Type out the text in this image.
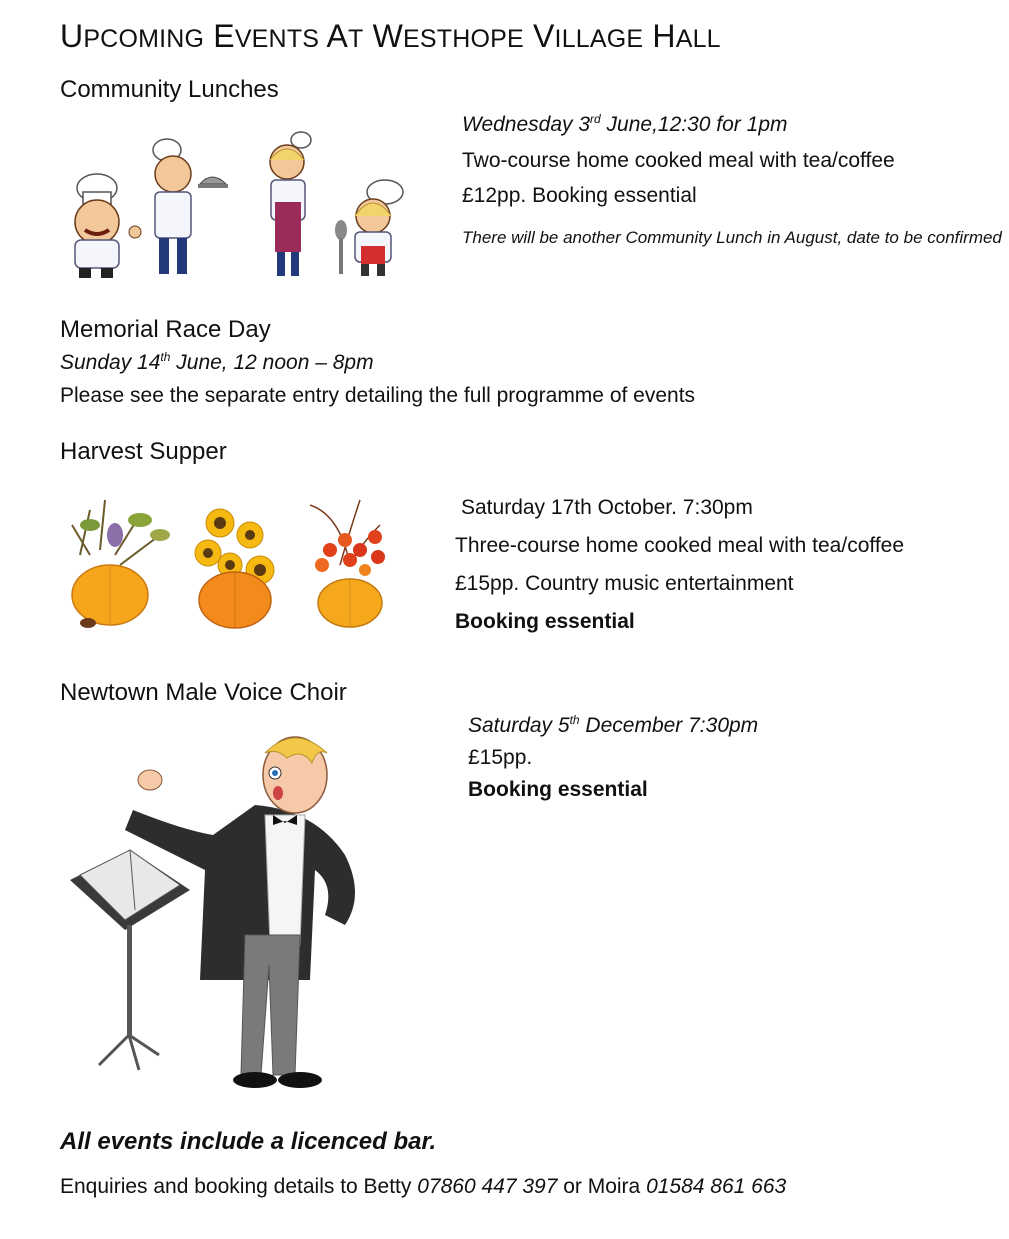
UPCOMING EVENTS AT WESTHOPE VILLAGE HALL
Community Lunches
Wednesday 3rd June,12:30 for 1pm
Two-course home cooked meal with tea/coffee
£12pp. Booking essential
There will be another Community Lunch in August, date to be confirmed
Memorial Race Day
Sunday 14th June, 12 noon – 8pm
Please see the separate entry detailing the full programme of events
Harvest Supper
Saturday 17th October. 7:30pm
Three-course home cooked meal with tea/coffee
£15pp. Country music entertainment
Booking essential
Newtown Male Voice Choir
Saturday 5th December 7:30pm
£15pp.
Booking essential
All events include a licenced bar.
Enquiries and booking details to Betty 07860 447 397 or Moira 01584 861 663
